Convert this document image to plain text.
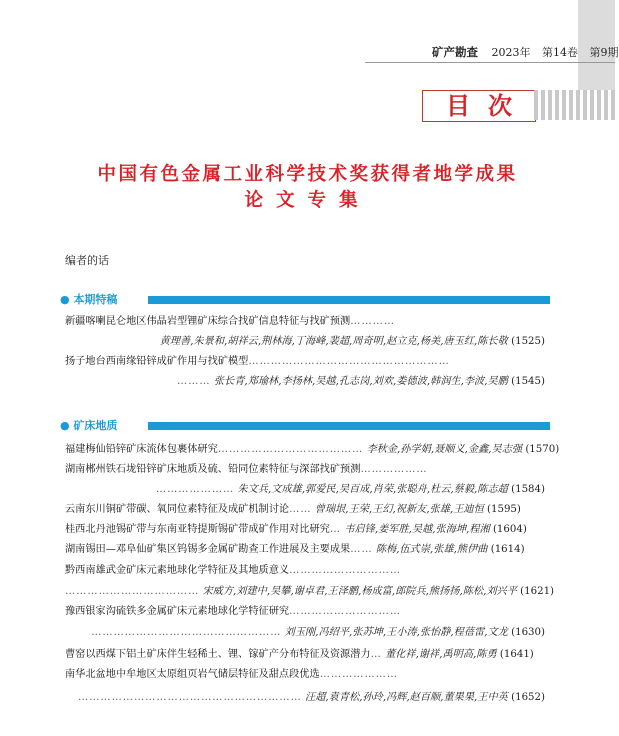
矿产勘查 2023年 第14卷 第9期
目次
中国有色金属工业科学技术奖获得者地学成果
论文专集
编者的话
● 本期特稿
● 矿床地质
新疆喀喇昆仑地区伟晶岩型锂矿床综合找矿信息特征与找矿预测…………
黄理善,朱景和,胡祥云,荆林海,丁海峰,裴超,周奇明,赵立克,杨美,唐玉红,陈长敬 (1525)
扬子地台西南缘铅锌成矿作用与找矿模型………………………………………………
……… 张长青,郑瑜林,李扬林,吴越,孔志岗,刘欢,娄德波,韩润生,李波,吴鹏 (1545)
福建梅仙铅锌矿床流体包裹体研究………………………………… 李秋金,孙学娟,聂顺义,金鑫,吴志强 (1570)
湖南郴州铁石垅铅锌矿床地质及硫、铅同位素特征与深部找矿预测………………
………………… 朱文兵,文成雄,郭爱民,吴百成,肖荣,张聪舟,杜云,蔡毅,陈志超 (1584)
云南东川铜矿带碳、氧同位素特征及成矿机制讨论…… 曾瑞垠,王荣,王幻,祝新友,张雄,王迪恒 (1595)
桂西北丹池锡矿带与东南亚特提斯锡矿带成矿作用对比研究… 韦启锋,姜军胜,吴越,张海坤,程湘 (1604)
湖南锡田—邓阜仙矿集区钨锡多金属矿勘查工作进展及主要成果…… 陈梅,伍式崇,张雄,熊伊曲 (1614)
黔西南雄武金矿床元素地球化学特征及其地质意义…………………………
……………………………… 宋威方,刘建中,吴攀,谢卓君,王泽鹏,杨成富,郎院兵,熊扬扬,陈松,刘兴平 (1621)
豫西银家沟硫铁多金属矿床元素地球化学特征研究…………………………
…………………………………………… 刘玉刚,冯绍平,张苏坤,王小涛,张怡静,程蓓雷,文龙 (1630)
曹窑以西煤下铝土矿床伴生轻稀土、锂、镓矿产分布特征及资源潜力… 董化祥,谢祥,禹明高,陈勇 (1641)
南华北盆地中牟地区太原组页岩气储层特征及甜点段优选…………………
…………………………………………………… 汪超,袁青松,孙玲,冯辉,赵百顺,董果果,王中英 (1652)
